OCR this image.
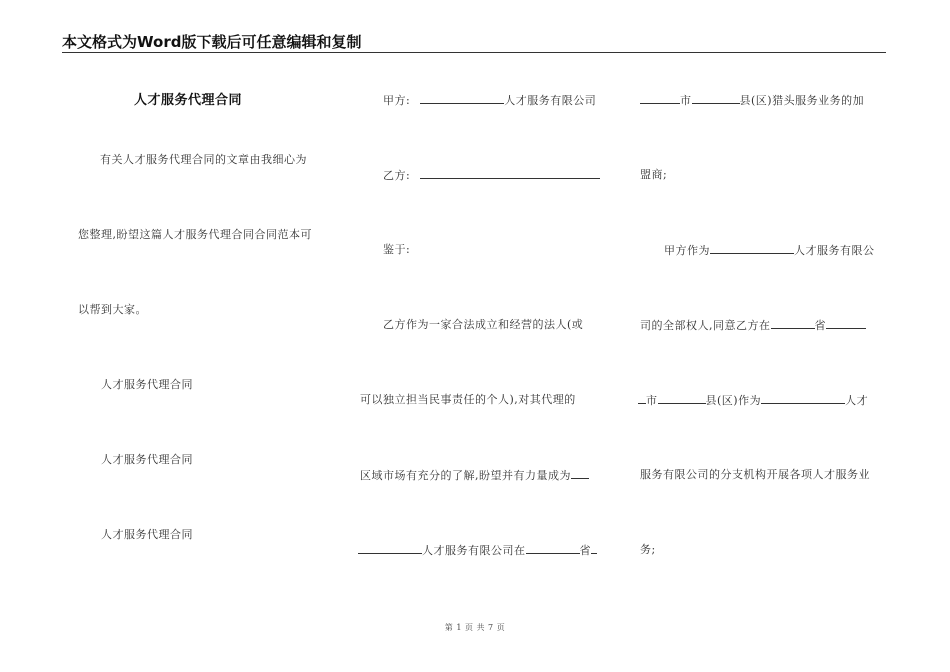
本文格式为Word版下载后可任意编辑和复制
人才服务代理合同
有关人才服务代理合同的文章由我细心为
您整理,盼望这篇人才服务代理合同合同范本可
以帮到大家。
人才服务代理合同
人才服务代理合同
人才服务代理合同
甲方:	人才服务有限公司
乙方:
鉴于:
乙方作为一家合法成立和经营的法人(或
可以独立担当民事责任的个人),对其代理的
区域市场有充分的了解,盼望并有力量成为
人才服务有限公司在	省
市	县(区)猎头服务业务的加
盟商;
甲方作为	人才服务有限公
司的全部权人,同意乙方在	省
市	县(区)作为	人才
服务有限公司的分支机构开展各项人才服务业
务;
第 1 页 共 7 页
